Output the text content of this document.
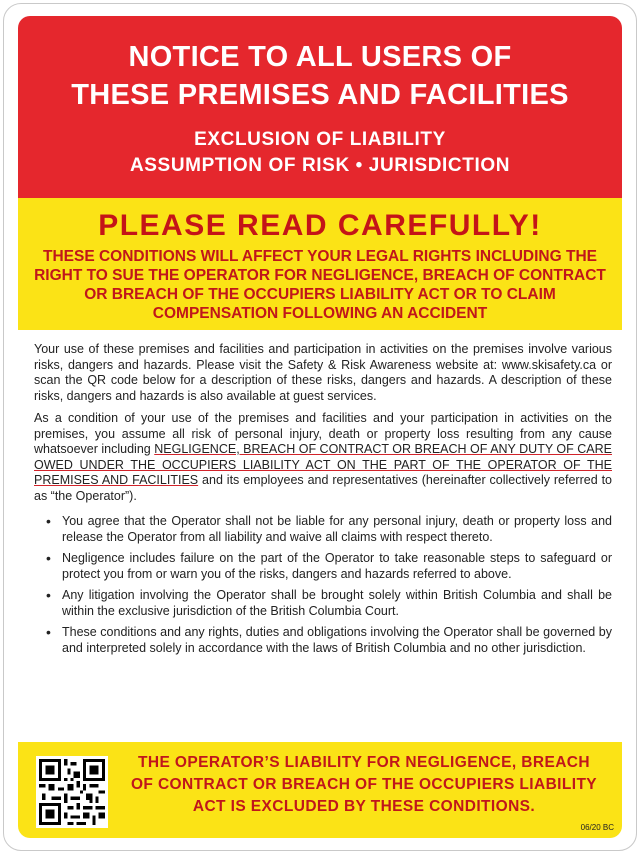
NOTICE TO ALL USERS OF
THESE PREMISES AND FACILITIES
EXCLUSION OF LIABILITY
ASSUMPTION OF RISK • JURISDICTION
PLEASE READ CAREFULLY!
THESE CONDITIONS WILL AFFECT YOUR LEGAL RIGHTS INCLUDING THE RIGHT TO SUE THE OPERATOR FOR NEGLIGENCE, BREACH OF CONTRACT OR BREACH OF THE OCCUPIERS LIABILITY ACT OR TO CLAIM COMPENSATION FOLLOWING AN ACCIDENT

Your use of these premises and facilities and participation in activities on the premises involve various risks, dangers and hazards. Please visit the Safety & Risk Awareness website at: www.skisafety.ca or scan the QR code below for a description of these risks, dangers and hazards. A description of these risks, dangers and hazards is also available at guest services.

As a condition of your use of the premises and facilities and your participation in activities on the premises, you assume all risk of personal injury, death or property loss resulting from any cause whatsoever including NEGLIGENCE, BREACH OF CONTRACT OR BREACH OF ANY DUTY OF CARE OWED UNDER THE OCCUPIERS LIABILITY ACT ON THE PART OF THE OPERATOR OF THE PREMISES AND FACILITIES and its employees and representatives (hereinafter collectively referred to as “the Operator”).

• You agree that the Operator shall not be liable for any personal injury, death or property loss and release the Operator from all liability and waive all claims with respect thereto.
• Negligence includes failure on the part of the Operator to take reasonable steps to safeguard or protect you from or warn you of the risks, dangers and hazards referred to above.
• Any litigation involving the Operator shall be brought solely within British Columbia and shall be within the exclusive jurisdiction of the British Columbia Court.
• These conditions and any rights, duties and obligations involving the Operator shall be governed by and interpreted solely in accordance with the laws of British Columbia and no other jurisdiction.
THE OPERATOR’S LIABILITY FOR NEGLIGENCE, BREACH
OF CONTRACT OR BREACH OF THE OCCUPIERS LIABILITY
ACT IS EXCLUDED BY THESE CONDITIONS.
06/20 BC
